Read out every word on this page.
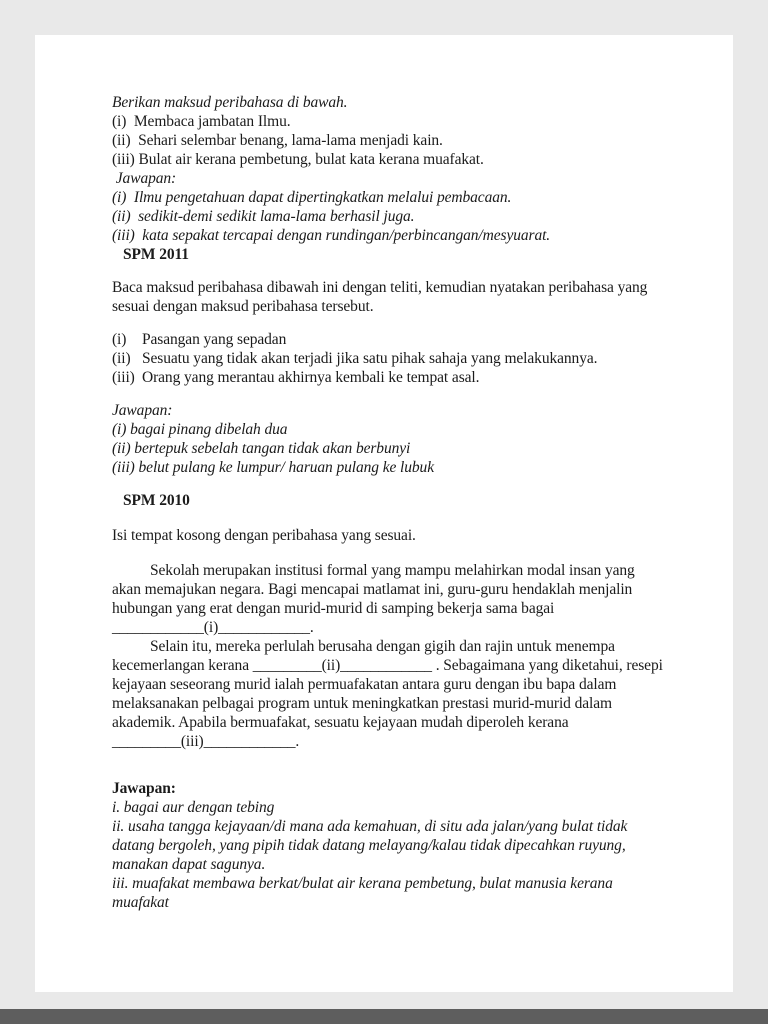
Berikan maksud peribahasa di bawah.
(i)  Membaca jambatan Ilmu.
(ii)  Sehari selembar benang, lama-lama menjadi kain.
(iii) Bulat air kerana pembetung, bulat kata kerana muafakat.
Jawapan:
(i)  Ilmu pengetahuan dapat dipertingkatkan melalui pembacaan.
(ii)  sedikit-demi sedikit lama-lama berhasil juga.
(iii)  kata sepakat tercapai dengan rundingan/perbincangan/mesyuarat.
SPM 2011
Baca maksud peribahasa dibawah ini dengan teliti, kemudian nyatakan peribahasa yang
sesuai dengan maksud peribahasa tersebut.
(i) Pasangan yang sepadan
(ii) Sesuatu yang tidak akan terjadi jika satu pihak sahaja yang melakukannya.
(iii) Orang yang merantau akhirnya kembali ke tempat asal.
Jawapan:
(i) bagai pinang dibelah dua
(ii) bertepuk sebelah tangan tidak akan berbunyi
(iii) belut pulang ke lumpur/ haruan pulang ke lubuk
SPM 2010
Isi tempat kosong dengan peribahasa yang sesuai.
Sekolah merupakan institusi formal yang mampu melahirkan modal insan yang
akan memajukan negara. Bagi mencapai matlamat ini, guru-guru hendaklah menjalin
hubungan yang erat dengan murid-murid di samping bekerja sama bagai
____________(i)____________.
Selain itu, mereka perlulah berusaha dengan gigih dan rajin untuk menempa
kecemerlangan kerana _________(ii)____________ . Sebagaimana yang diketahui, resepi
kejayaan seseorang murid ialah permuafakatan antara guru dengan ibu bapa dalam
melaksanakan pelbagai program untuk meningkatkan prestasi murid-murid dalam
akademik. Apabila bermuafakat, sesuatu kejayaan mudah diperoleh kerana
_________(iii)____________.
Jawapan:
i. bagai aur dengan tebing
ii. usaha tangga kejayaan/di mana ada kemahuan, di situ ada jalan/yang bulat tidak
datang bergoleh, yang pipih tidak datang melayang/kalau tidak dipecahkan ruyung,
manakan dapat sagunya.
iii. muafakat membawa berkat/bulat air kerana pembetung, bulat manusia kerana
muafakat
